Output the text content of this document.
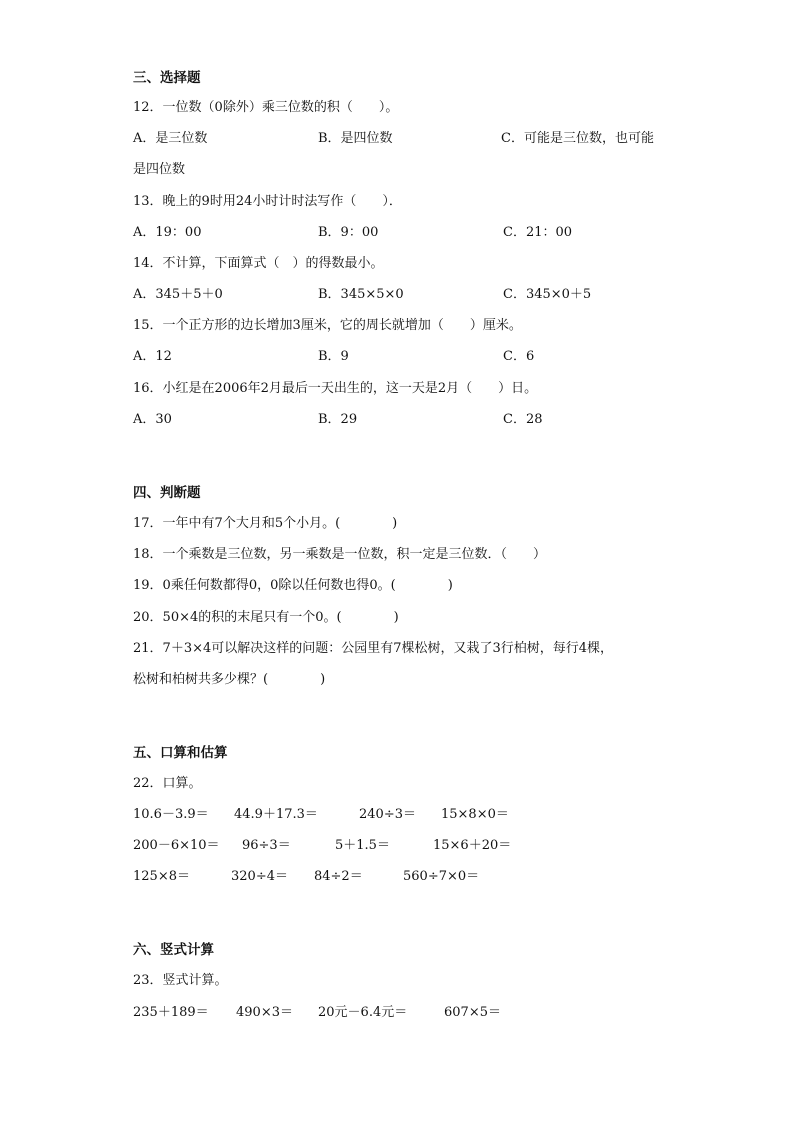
三、选择题
12．一位数（0除外）乘三位数的积（　　）。
A．是三位数	B．是四位数	C．可能是三位数，也可能
是四位数
13．晚上的9时用24小时计时法写作（　　）．
A．19：00	B．9：00	C．21：00
14．不计算，下面算式（　）的得数最小。
A．345＋5＋0	B．345×5×0	C．345×0＋5
15．一个正方形的边长增加3厘米，它的周长就增加（　　）厘米。
A．12	B．9	C．6
16．小红是在2006年2月最后一天出生的，这一天是2月（　　）日。
A．30	B．29	C．28
四、判断题
17．一年中有7个大月和5个小月。(　　　　)
18．一个乘数是三位数，另一乘数是一位数，积一定是三位数．（　　）
19．0乘任何数都得0，0除以任何数也得0。(　　　　)
20．50×4的积的末尾只有一个0。(　　　　)
21．7＋3×4可以解决这样的问题：公园里有7棵松树，又栽了3行柏树，每行4棵，
松树和柏树共多少棵？(　　　　)
五、口算和估算
22．口算。
10.6－3.9＝ 44.9＋17.3＝	240÷3＝ 15×8×0＝
200－6×10＝ 96÷3＝	5＋1.5＝	15×6＋20＝
125×8＝	320÷4＝ 84÷2＝	560÷7×0＝
六、竖式计算
23．竖式计算。
235＋189＝ 490×3＝ 20元－6.4元＝	607×5＝
